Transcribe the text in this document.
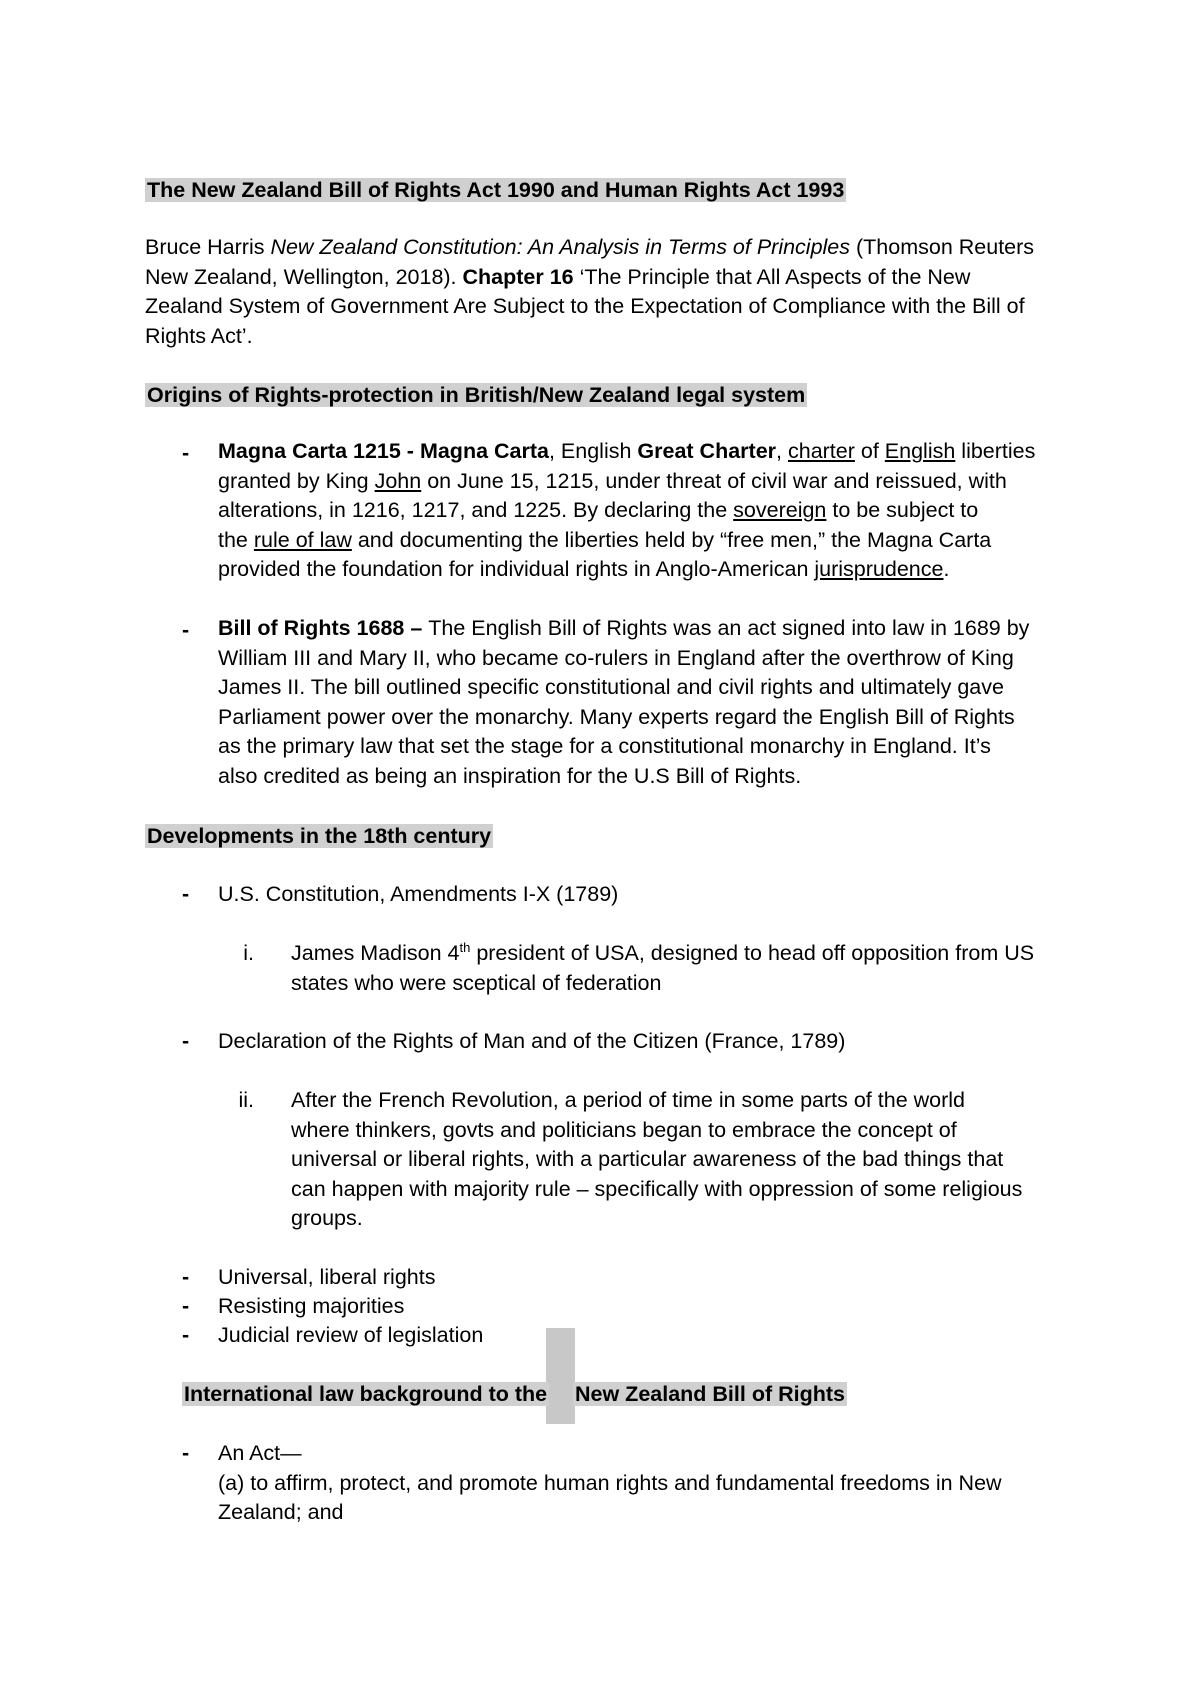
The New Zealand Bill of Rights Act 1990 and Human Rights Act 1993
Bruce Harris New Zealand Constitution: An Analysis in Terms of Principles (Thomson Reuters
New Zealand, Wellington, 2018). Chapter 16 ‘The Principle that All Aspects of the New
Zealand System of Government Are Subject to the Expectation of Compliance with the Bill of
Rights Act’.
Origins of Rights-protection in British/New Zealand legal system
-	Magna Carta 1215 - Magna Carta, English Great Charter, charter of English liberties
granted by King John on June 15, 1215, under threat of civil war and reissued, with
alterations, in 1216, 1217, and 1225. By declaring the sovereign to be subject to
the rule of law and documenting the liberties held by “free men,” the Magna Carta
provided the foundation for individual rights in Anglo-American jurisprudence.
-	Bill of Rights 1688 – The English Bill of Rights was an act signed into law in 1689 by
William III and Mary II, who became co-rulers in England after the overthrow of King
James II. The bill outlined specific constitutional and civil rights and ultimately gave
Parliament power over the monarchy. Many experts regard the English Bill of Rights
as the primary law that set the stage for a constitutional monarchy in England. It’s
also credited as being an inspiration for the U.S Bill of Rights.
Developments in the 18th century
-	U.S. Constitution, Amendments I-X (1789)
i. James Madison 4th president of USA, designed to head off opposition from US
states who were sceptical of federation
-	Declaration of the Rights of Man and of the Citizen (France, 1789)
ii. After the French Revolution, a period of time in some parts of the world
where thinkers, govts and politicians began to embrace the concept of
universal or liberal rights, with a particular awareness of the bad things that
can happen with majority rule – specifically with oppression of some religious
groups.
-	Universal, liberal rights
-	Resisting majorities
-	Judicial review of legislation
International law background to the New Zealand Bill of Rights
-	An Act—
(a) to affirm, protect, and promote human rights and fundamental freedoms in New
Zealand; and
